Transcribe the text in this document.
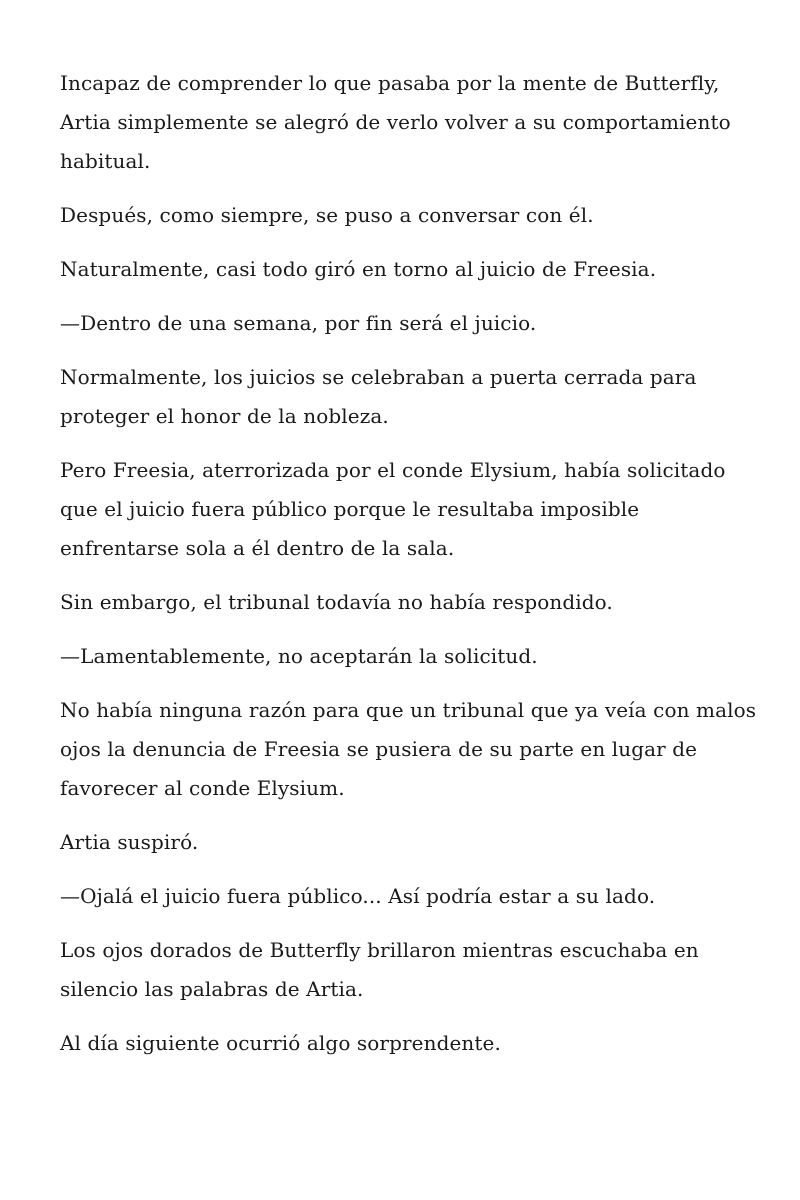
Incapaz de comprender lo que pasaba por la mente de Butterfly, Artia simplemente se alegró de verlo volver a su comportamiento habitual.

Después, como siempre, se puso a conversar con él.

Naturalmente, casi todo giró en torno al juicio de Freesia.

—Dentro de una semana, por fin será el juicio.

Normalmente, los juicios se celebraban a puerta cerrada para proteger el honor de la nobleza.

Pero Freesia, aterrorizada por el conde Elysium, había solicitado que el juicio fuera público porque le resultaba imposible enfrentarse sola a él dentro de la sala.

Sin embargo, el tribunal todavía no había respondido.

—Lamentablemente, no aceptarán la solicitud.

No había ninguna razón para que un tribunal que ya veía con malos ojos la denuncia de Freesia se pusiera de su parte en lugar de favorecer al conde Elysium.

Artia suspiró.

—Ojalá el juicio fuera público... Así podría estar a su lado.

Los ojos dorados de Butterfly brillaron mientras escuchaba en silencio las palabras de Artia.

Al día siguiente ocurrió algo sorprendente.
